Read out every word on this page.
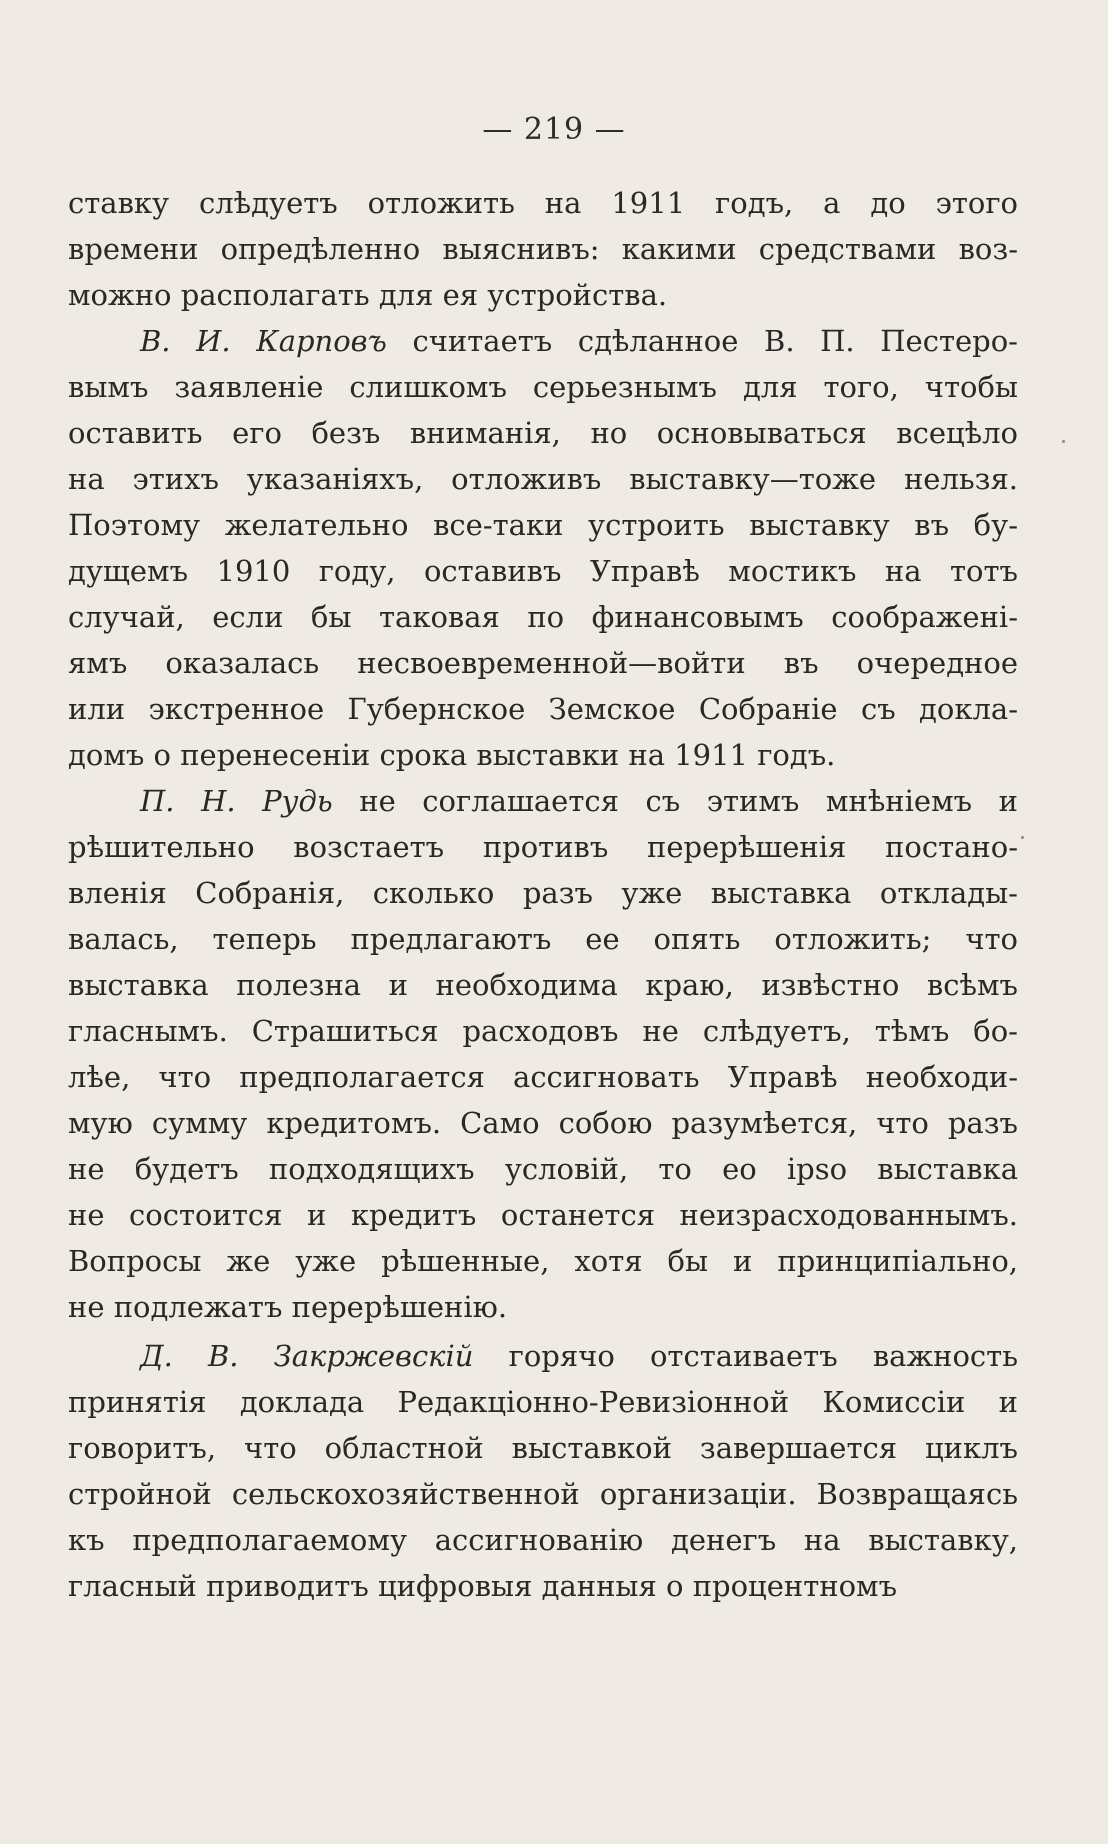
— 219 —
ставку слѣдуетъ отложить на 1911 годъ, а до этого
времени опредѣленно выяснивъ: какими средствами воз-
можно располагать для ея устройства.
В. И. Карповъ считаетъ сдѣланное В. П. Пестеро-
вымъ заявленіе слишкомъ серьезнымъ для того, чтобы
оставить его безъ вниманія, но основываться всецѣло
на этихъ указаніяхъ, отложивъ выставку—тоже нельзя.
Поэтому желательно все-таки устроить выставку въ бу-
дущемъ 1910 году, оставивъ Управѣ мостикъ на тотъ
случай, если бы таковая по финансовымъ соображені-
ямъ оказалась несвоевременной—войти въ очередное
или экстренное Губернское Земское Собраніе съ доклa-
домъ о перенесеніи срока выставки на 1911 годъ.
П. Н. Рудь не соглашается съ этимъ мнѣніемъ и
рѣшительно возстаетъ противъ перерѣшенія постано-
вленія Собранія, сколько разъ уже выставка отклады-
валась, теперь предлагаютъ ее опять отложить; что
выставка полезна и необходима краю, извѣстно всѣмъ
гласнымъ. Страшиться расходовъ не слѣдуетъ, тѣмъ бо-
лѣе, что предполагается ассигновать Управѣ необходи-
мую сумму кредитомъ. Само собою разумѣется, что разъ
не будетъ подходящихъ условій, то eo ipso выставка
не состоится и кредитъ останется неизрасходованнымъ.
Вопросы же уже рѣшенные, хотя бы и принципіально,
не подлежатъ перерѣшенію.
Д. В. Закржевскій горячо отстаиваетъ важность
принятія доклада Редакціонно-Ревизіонной Комиссіи и
говоритъ, что областной выставкой завершается циклъ
стройной сельскохозяйственной организаціи. Возвращаясь
къ предполагаемому ассигнованію денегъ на выставку,
гласный приводитъ цифровыя данныя о процентномъ
